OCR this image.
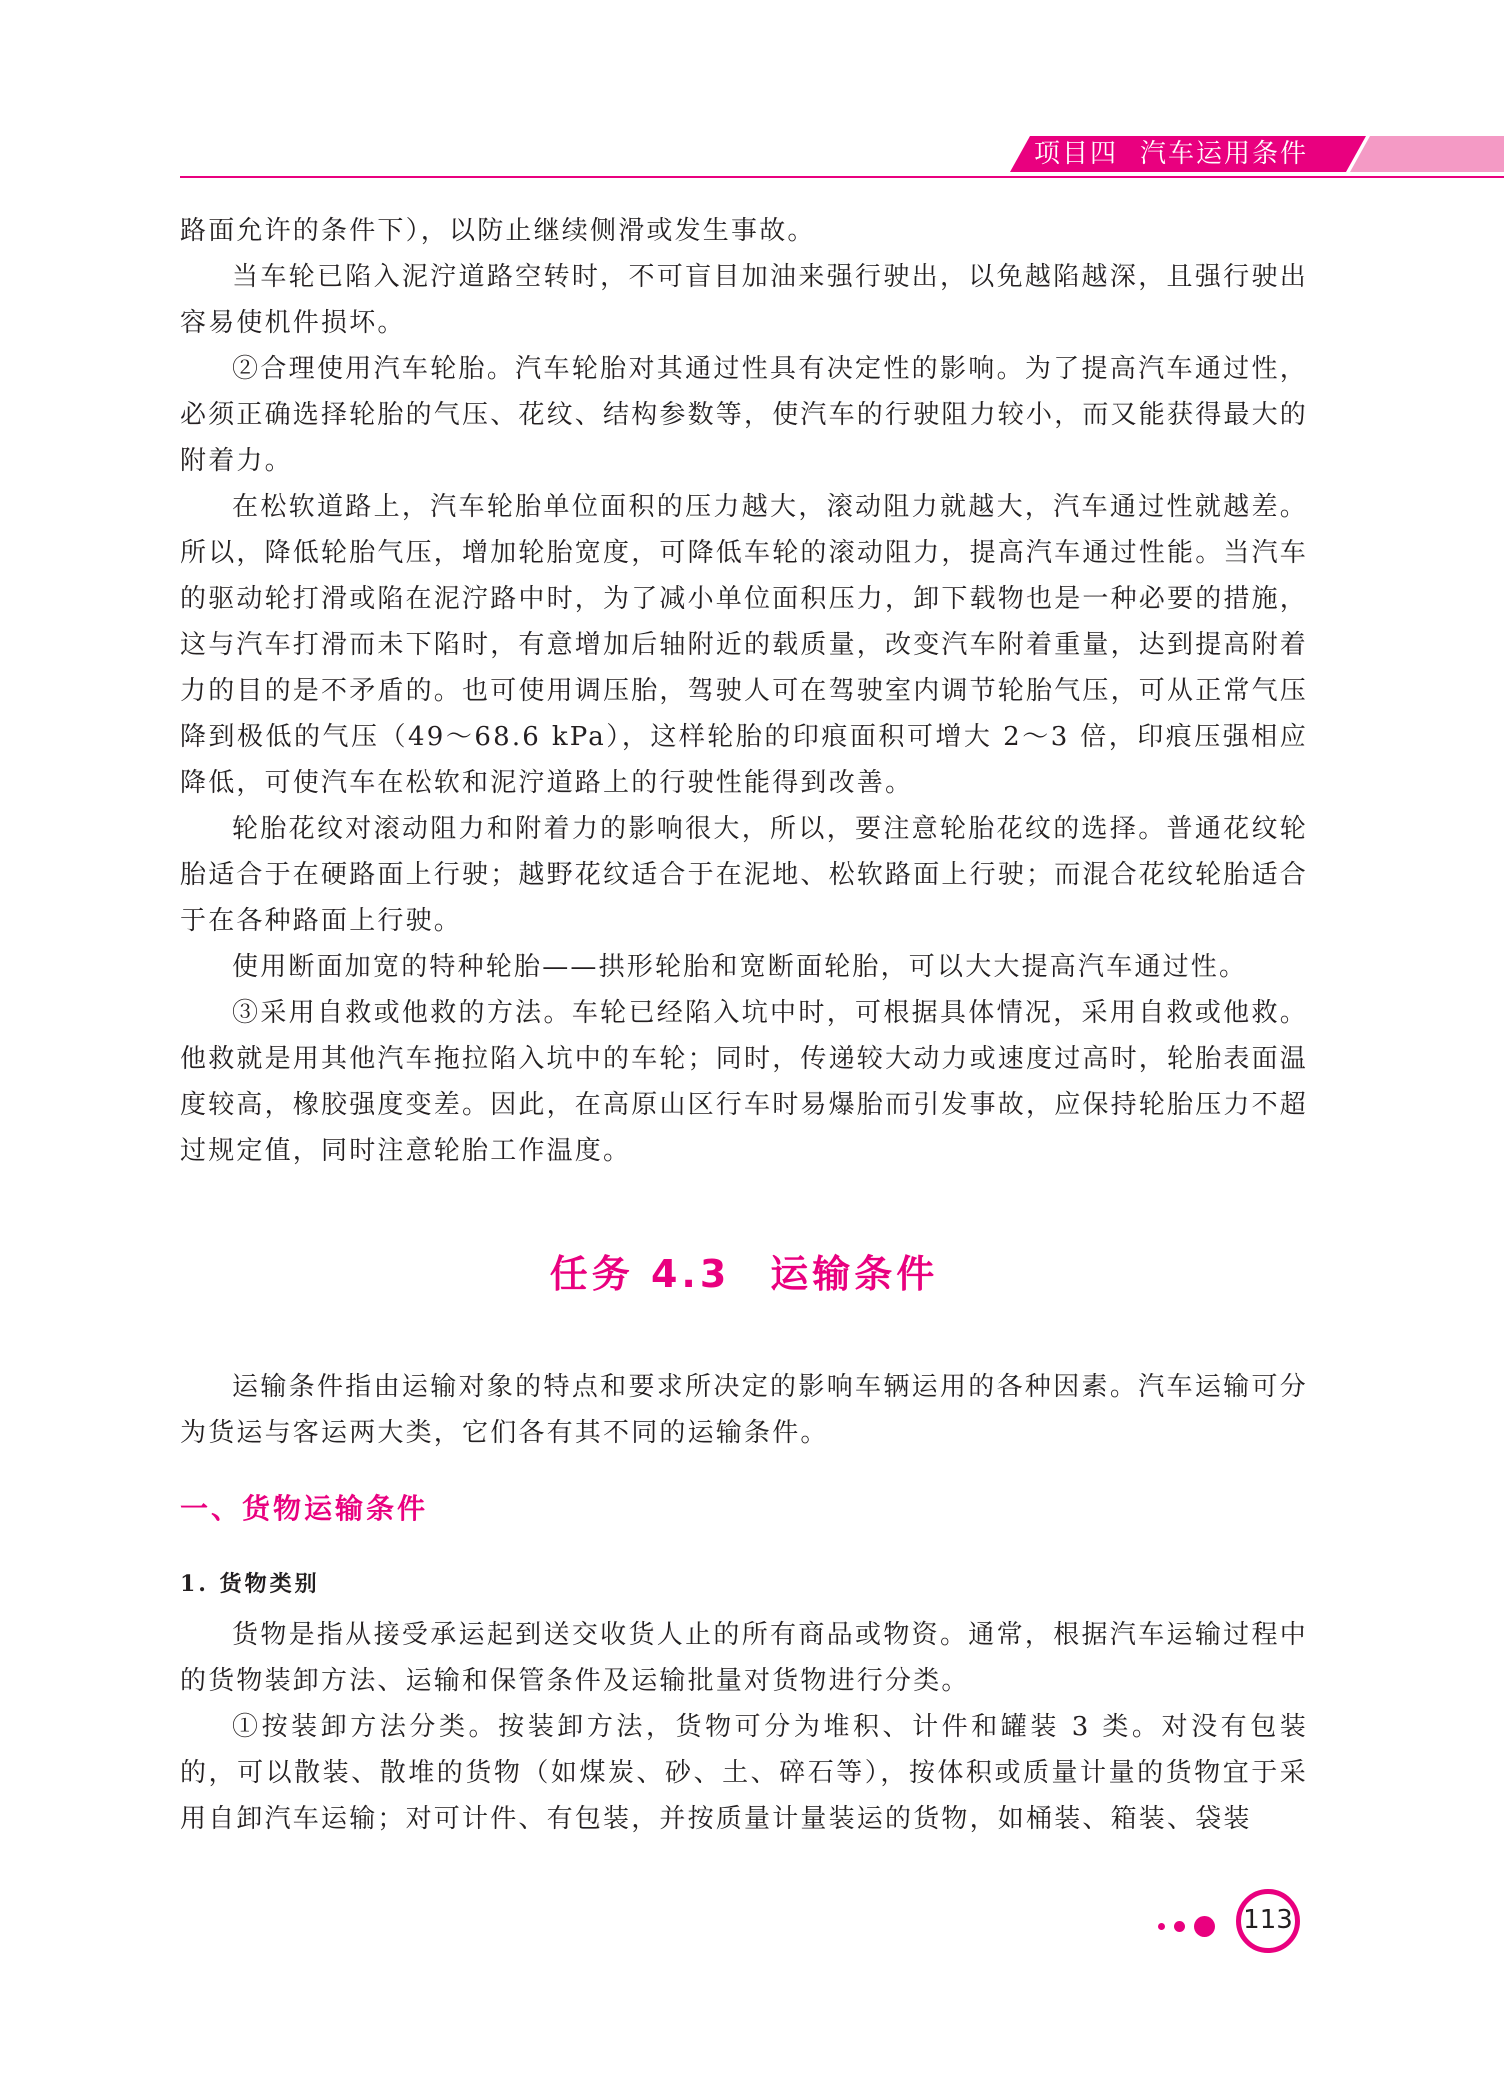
项目四 汽车运用条件

路面允许的条件下），以防止继续侧滑或发生事故。

当车轮已陷入泥泞道路空转时，不可盲目加油来强行驶出，以免越陷越深，且强行驶出容易使机件损坏。

②合理使用汽车轮胎。汽车轮胎对其通过性具有决定性的影响。为了提高汽车通过性，必须正确选择轮胎的气压、花纹、结构参数等，使汽车的行驶阻力较小，而又能获得最大的附着力。

在松软道路上，汽车轮胎单位面积的压力越大，滚动阻力就越大，汽车通过性就越差。所以，降低轮胎气压，增加轮胎宽度，可降低车轮的滚动阻力，提高汽车通过性能。当汽车的驱动轮打滑或陷在泥泞路中时，为了减小单位面积压力，卸下载物也是一种必要的措施，这与汽车打滑而未下陷时，有意增加后轴附近的载质量，改变汽车附着重量，达到提高附着力的目的是不矛盾的。也可使用调压胎，驾驶人可在驾驶室内调节轮胎气压，可从正常气压降到极低的气压（49～68.6 kPa），这样轮胎的印痕面积可增大 2～3 倍，印痕压强相应降低，可使汽车在松软和泥泞道路上的行驶性能得到改善。

轮胎花纹对滚动阻力和附着力的影响很大，所以，要注意轮胎花纹的选择。普通花纹轮胎适合于在硬路面上行驶；越野花纹适合于在泥地、松软路面上行驶；而混合花纹轮胎适合于在各种路面上行驶。

使用断面加宽的特种轮胎——拱形轮胎和宽断面轮胎，可以大大提高汽车通过性。

③采用自救或他救的方法。车轮已经陷入坑中时，可根据具体情况，采用自救或他救。他救就是用其他汽车拖拉陷入坑中的车轮；同时，传递较大动力或速度过高时，轮胎表面温度较高，橡胶强度变差。因此，在高原山区行车时易爆胎而引发事故，应保持轮胎压力不超过规定值，同时注意轮胎工作温度。

任务 4.3 运输条件

运输条件指由运输对象的特点和要求所决定的影响车辆运用的各种因素。汽车运输可分为货运与客运两大类，它们各有其不同的运输条件。

一、货物运输条件
1. 货物类别

货物是指从接受承运起到送交收货人止的所有商品或物资。通常，根据汽车运输过程中的货物装卸方法、运输和保管条件及运输批量对货物进行分类。

①按装卸方法分类。按装卸方法，货物可分为堆积、计件和罐装 3 类。对没有包装的，可以散装、散堆的货物（如煤炭、砂、土、碎石等），按体积或质量计量的货物宜于采用自卸汽车运输；对可计件、有包装，并按质量计量装运的货物，如桶装、箱装、袋装

113
